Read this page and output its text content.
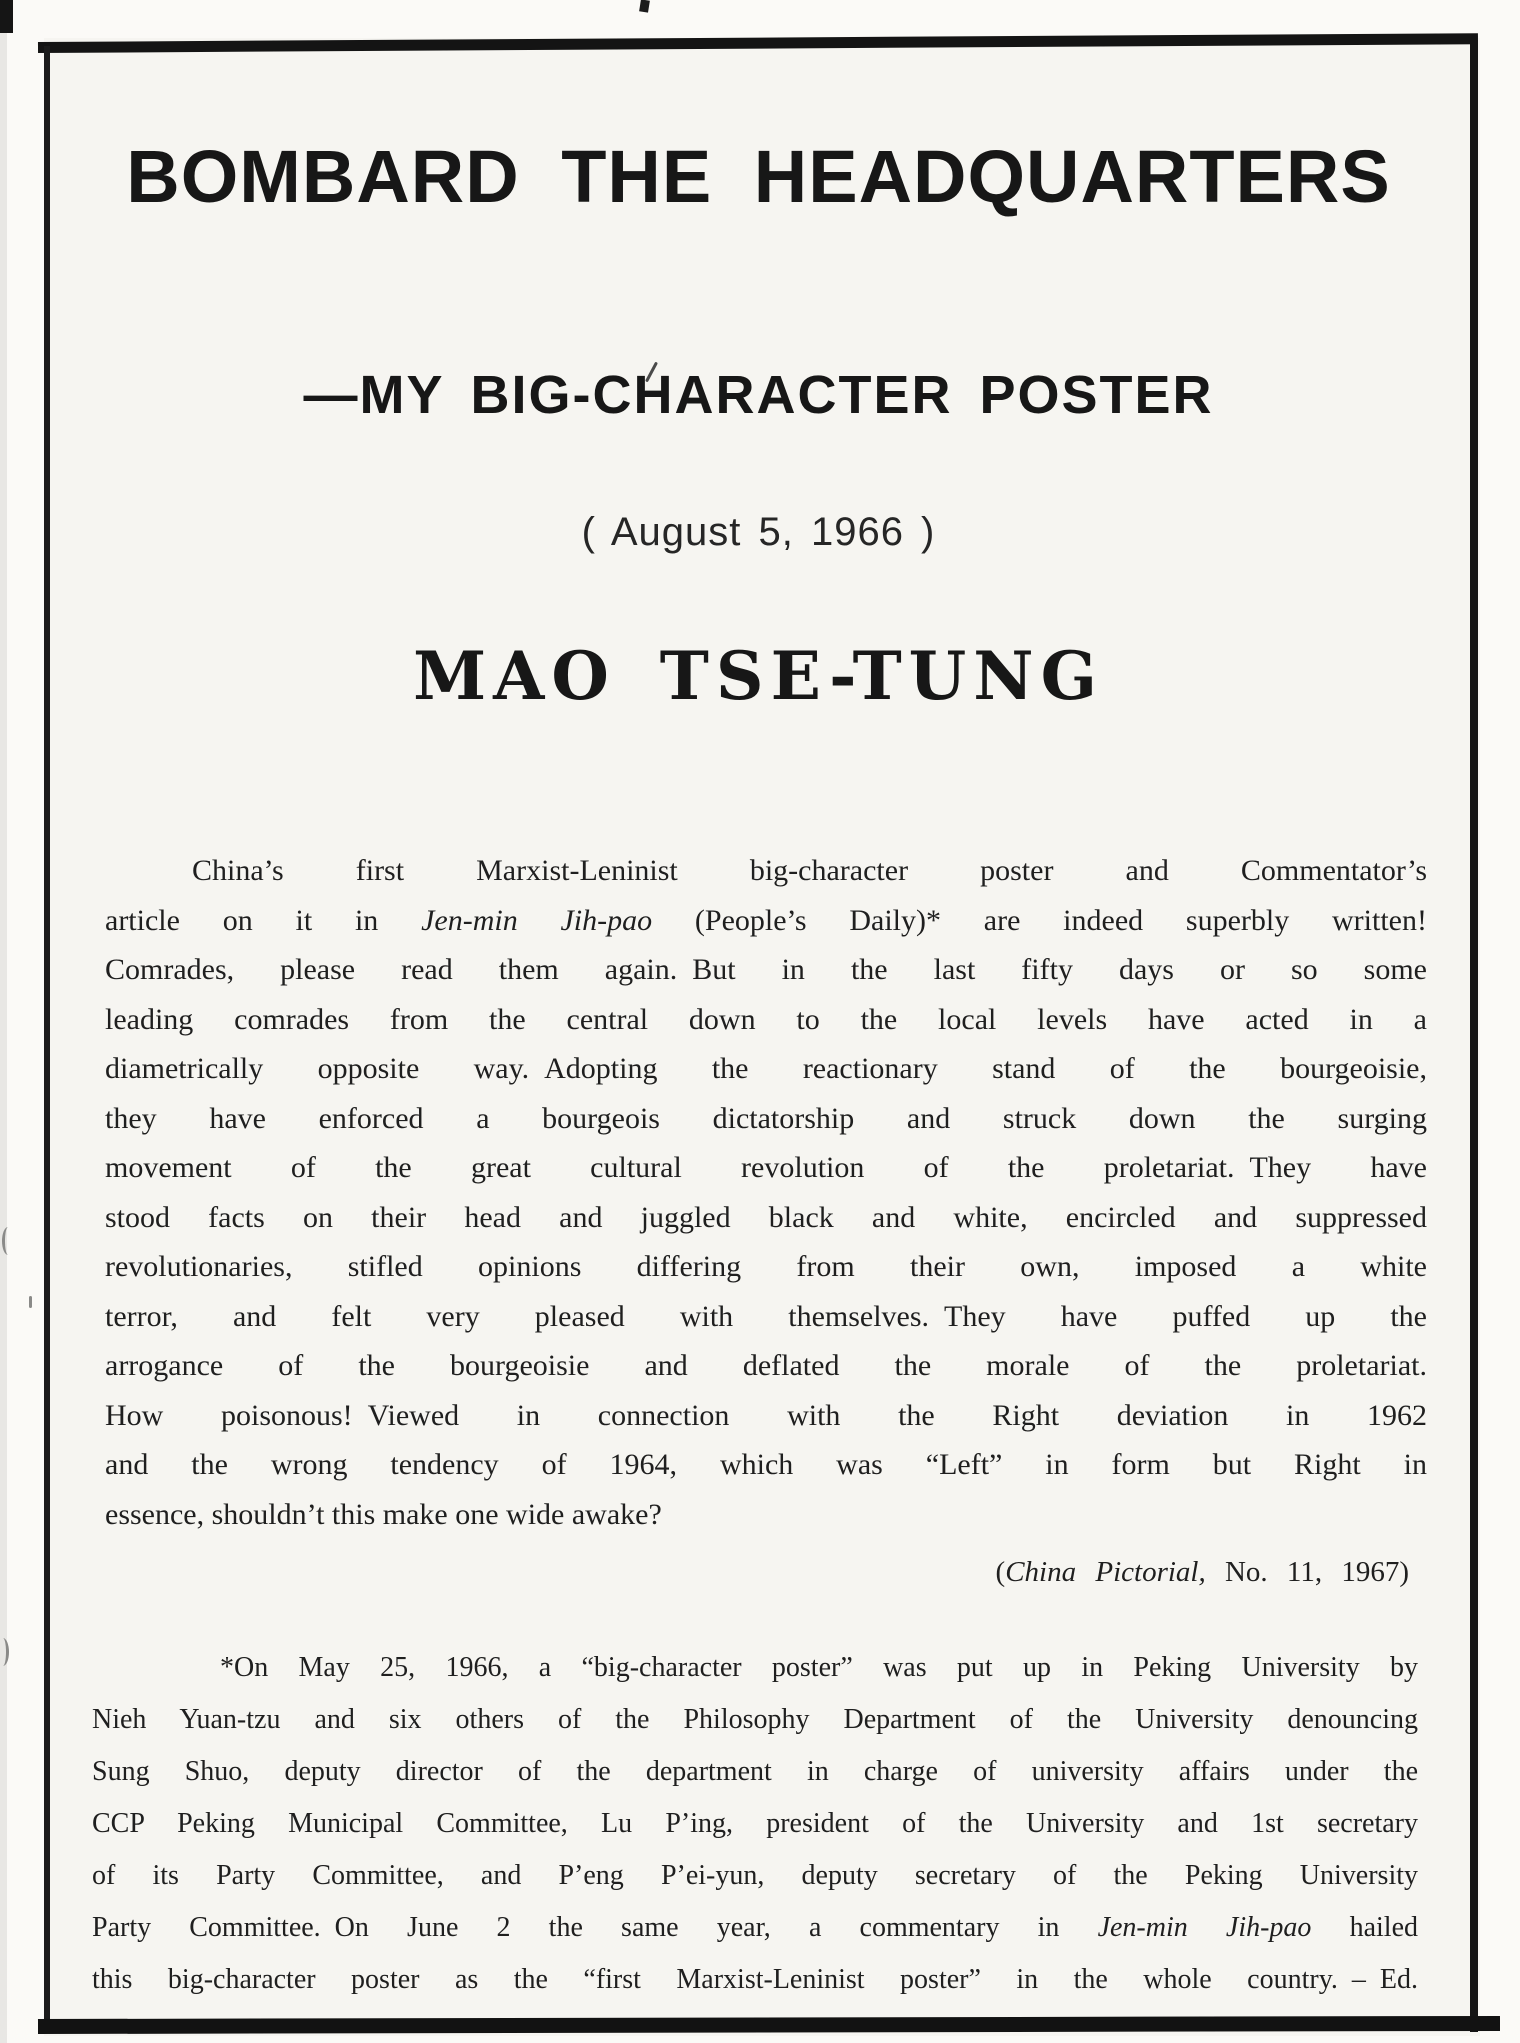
BOMBARD THE HEADQUARTERS
—MY BIG-CHARACTER POSTER
( August 5, 1966 )
MAO TSE-TUNG
China’s first Marxist-Leninist big-character poster and Commentator’s
article on it in Jen-min Jih-pao (People’s Daily)* are indeed superbly written!
Comrades, please read them again. But in the last fifty days or so some
leading comrades from the central down to the local levels have acted in a
diametrically opposite way. Adopting the reactionary stand of the bourgeoisie,
they have enforced a bourgeois dictatorship and struck down the surging
movement of the great cultural revolution of the proletariat. They have
stood facts on their head and juggled black and white, encircled and suppressed
revolutionaries, stifled opinions differing from their own, imposed a white
terror, and felt very pleased with themselves. They have puffed up the
arrogance of the bourgeoisie and deflated the morale of the proletariat.
How poisonous! Viewed in connection with the Right deviation in 1962
and the wrong tendency of 1964, which was “Left” in form but Right in
essence, shouldn’t this make one wide awake?
(China Pictorial, No. 11, 1967)
*On May 25, 1966, a “big-character poster” was put up in Peking University by
Nieh Yuan-tzu and six others of the Philosophy Department of the University denouncing
Sung Shuo, deputy director of the department in charge of university affairs under the
CCP Peking Municipal Committee, Lu P’ing, president of the University and 1st secretary
of its Party Committee, and P’eng P’ei-yun, deputy secretary of the Peking University
Party Committee. On June 2 the same year, a commentary in Jen-min Jih-pao hailed
this big-character poster as the “first Marxist-Leninist poster” in the whole country. – Ed.
